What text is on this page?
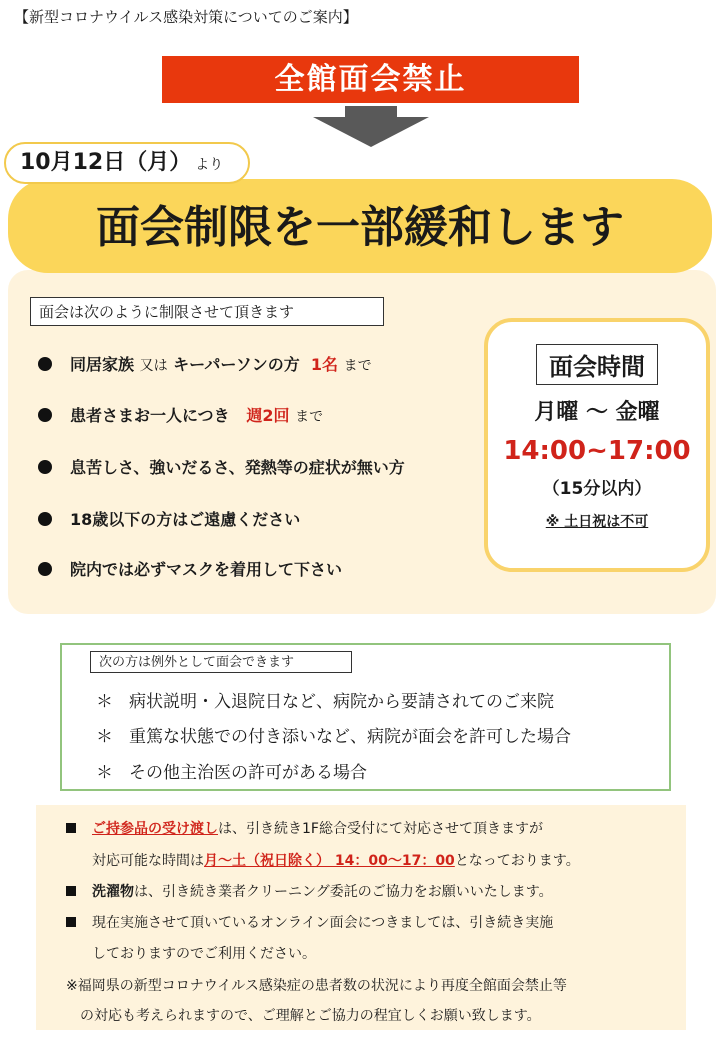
【新型コロナウイルス感染対策についてのご案内】
全館面会禁止
10月12日（月） より
面会制限を一部緩和します
面会は次のように制限させて頂きます
同居家族 又は キーパーソンの方 1名 まで
患者さまお一人につき 週2回 まで
息苦しさ、強いだるさ、発熱等の症状が無い方
18歳以下の方はご遠慮ください
院内では必ずマスクを着用して下さい
面会時間
月曜 ～ 金曜
14:00~17:00
（15分以内）
※ 土日祝は不可
次の方は例外として面会できます
＊ 病状説明・入退院日など、病院から要請されてのご来院
＊ 重篤な状態での付き添いなど、病院が面会を許可した場合
＊ その他主治医の許可がある場合
ご持参品の受け渡しは、引き続き1F総合受付にて対応させて頂きますが
対応可能な時間は月～土（祝日除く） 14：00～17：00となっております。
洗濯物は、引き続き業者クリーニング委託のご協力をお願いいたします。
現在実施させて頂いているオンライン面会につきましては、引き続き実施
しておりますのでご利用ください。
※福岡県の新型コロナウイルス感染症の患者数の状況により再度全館面会禁止等
の対応も考えられますので、ご理解とご協力の程宜しくお願い致します。
